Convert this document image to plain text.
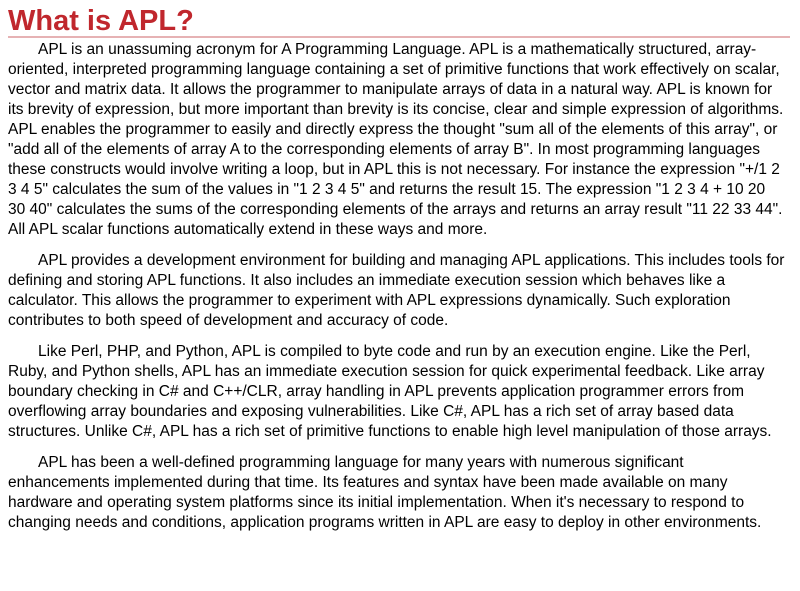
What is APL?

APL is an unassuming acronym for A Programming Language. APL is a mathematically structured, array-oriented, interpreted programming language containing a set of primitive functions that work effectively on scalar, vector and matrix data. It allows the programmer to manipulate arrays of data in a natural way. APL is known for its brevity of expression, but more important than brevity is its concise, clear and simple expression of algorithms. APL enables the programmer to easily and directly express the thought "sum all of the elements of this array", or "add all of the elements of array A to the corresponding elements of array B". In most programming languages these constructs would involve writing a loop, but in APL this is not necessary. For instance the expression "+/1 2 3 4 5" calculates the sum of the values in "1 2 3 4 5" and returns the result 15. The expression "1 2 3 4 + 10 20 30 40" calculates the sums of the corresponding elements of the arrays and returns an array result "11 22 33 44". All APL scalar functions automatically extend in these ways and more.

APL provides a development environment for building and managing APL applications. This includes tools for defining and storing APL functions. It also includes an immediate execution session which behaves like a calculator. This allows the programmer to experiment with APL expressions dynamically. Such exploration contributes to both speed of development and accuracy of code.

Like Perl, PHP, and Python, APL is compiled to byte code and run by an execution engine. Like the Perl, Ruby, and Python shells, APL has an immediate execution session for quick experimental feedback. Like array boundary checking in C# and C++/CLR, array handling in APL prevents application programmer errors from overflowing array boundaries and exposing vulnerabilities. Like C#, APL has a rich set of array based data structures. Unlike C#, APL has a rich set of primitive functions to enable high level manipulation of those arrays.

APL has been a well-defined programming language for many years with numerous significant enhancements implemented during that time. Its features and syntax have been made available on many hardware and operating system platforms since its initial implementation. When it's necessary to respond to changing needs and conditions, application programs written in APL are easy to deploy in other environments.
